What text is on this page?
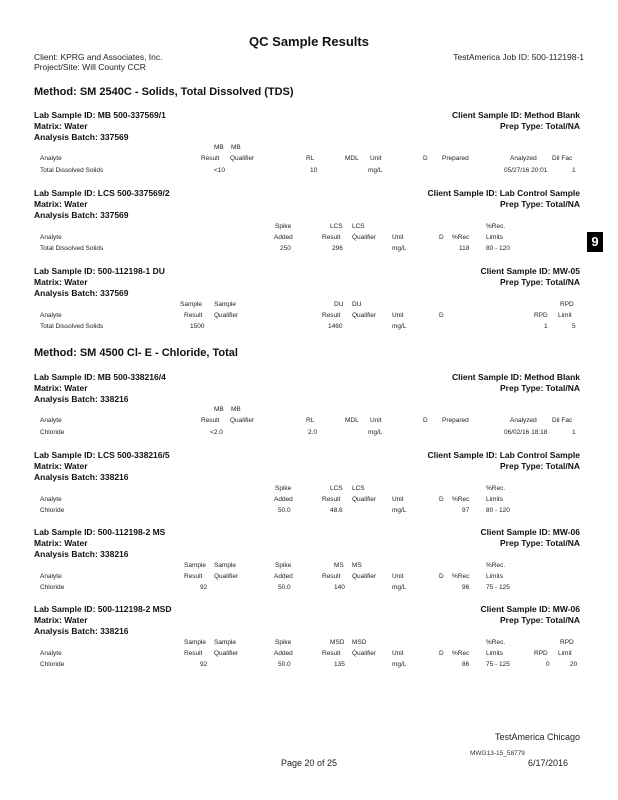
QC Sample Results
Client: KPRG and Associates, Inc.
Project/Site: Will County CCR
TestAmerica Job ID: 500-112198-1
9
Method: SM 2540C - Solids, Total Dissolved (TDS)
Lab Sample ID: MB 500-337569/1
Matrix: Water
Analysis Batch: 337569
Client Sample ID: Method Blank
Prep Type: Total/NA
MB MB
Analyte	Result Qualifier	RL	MDL Unit	D Prepared	Analyzed Dil Fac
Total Dissolved Solids	<10	10	mg/L	05/27/16 20:01	1
Lab Sample ID: LCS 500-337569/2
Matrix: Water
Analysis Batch: 337569
Client Sample ID: Lab Control Sample
Prep Type: Total/NA
Spike	LCS LCS	%Rec.
Analyte	Added	Result Qualifier Unit	D %Rec	Limits
Total Dissolved Solids	250	296	mg/L	118	80 - 120
Lab Sample ID: 500-112198-1 DU
Matrix: Water
Analysis Batch: 337569
Client Sample ID: MW-05
Prep Type: Total/NA
Sample Sample	DU DU	RPD
Analyte	Result Qualifier	Result Qualifier Unit	D	RPD Limit
Total Dissolved Solids	1500	1460	mg/L	1	5
Method: SM 4500 Cl- E - Chloride, Total
Lab Sample ID: MB 500-338216/4
Matrix: Water
Analysis Batch: 338216
Client Sample ID: Method Blank
Prep Type: Total/NA
MB MB
Analyte	Result Qualifier	RL	MDL Unit	D Prepared	Analyzed Dil Fac
Chloride	<2.0	2.0	mg/L	06/02/16 18:18	1
Lab Sample ID: LCS 500-338216/5
Matrix: Water
Analysis Batch: 338216
Client Sample ID: Lab Control Sample
Prep Type: Total/NA
Spike	LCS LCS	%Rec.
Analyte	Added	Result Qualifier Unit	D %Rec	Limits
Chloride	50.0	48.6	mg/L	97	80 - 120
Lab Sample ID: 500-112198-2 MS
Matrix: Water
Analysis Batch: 338216
Client Sample ID: MW-06
Prep Type: Total/NA
Sample Sample	Spike	MS MS	%Rec.
Analyte	Result Qualifier	Added	Result Qualifier Unit	D %Rec	Limits
Chloride	92	50.0	140	mg/L	96	75 - 125
Lab Sample ID: 500-112198-2 MSD
Matrix: Water
Analysis Batch: 338216
Client Sample ID: MW-06
Prep Type: Total/NA
Sample Sample	Spike	MSD MSD	%Rec.	RPD
Analyte	Result Qualifier	Added	Result Qualifier Unit	D %Rec	Limits	RPD Limit
Chloride	92	50.0	135	mg/L	86	75 - 125	0	20
TestAmerica Chicago
MWG13-15_58779
Page 20 of 25	6/17/2016
